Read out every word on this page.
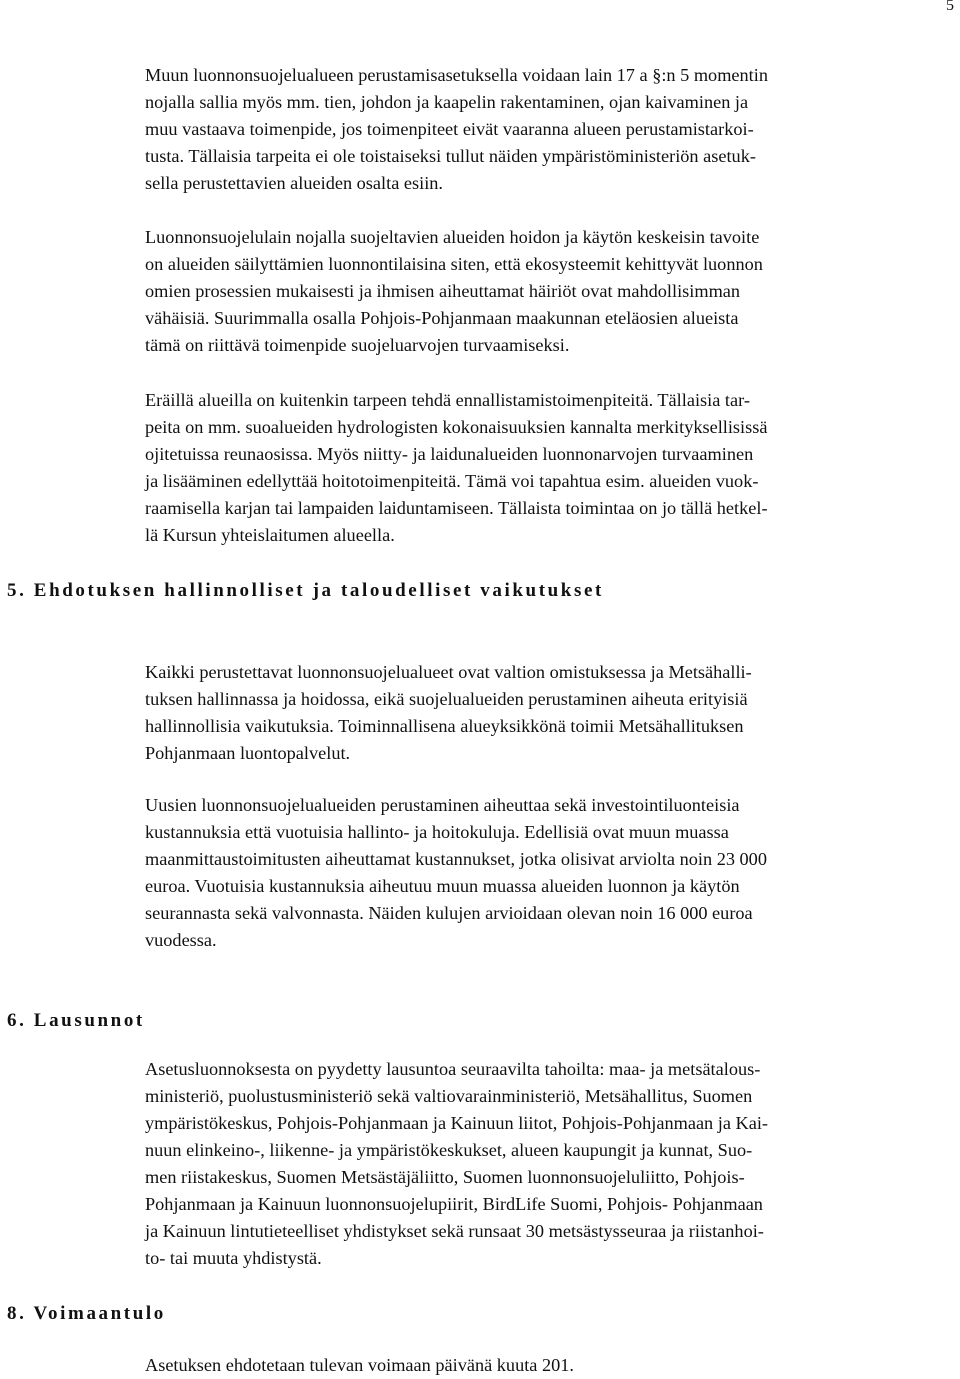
5
Muun luonnonsuojelualueen perustamisasetuksella voidaan lain 17 a §:n 5 momentin
nojalla sallia myös mm. tien, johdon ja kaapelin rakentaminen, ojan kaivaminen ja
muu vastaava toimenpide, jos toimenpiteet eivät vaaranna alueen perustamistarkoi-
tusta. Tällaisia tarpeita ei ole toistaiseksi tullut näiden ympäristöministeriön asetuk-
sella perustettavien alueiden osalta esiin.
Luonnonsuojelulain nojalla suojeltavien alueiden hoidon ja käytön keskeisin tavoite
on alueiden säilyttämien luonnontilaisina siten, että ekosysteemit kehittyvät luonnon
omien prosessien mukaisesti ja ihmisen aiheuttamat häiriöt ovat mahdollisimman
vähäisiä. Suurimmalla osalla Pohjois-Pohjanmaan maakunnan eteläosien alueista
tämä on riittävä toimenpide suojeluarvojen turvaamiseksi.
Eräillä alueilla on kuitenkin tarpeen tehdä ennallistamistoimenpiteitä. Tällaisia tar-
peita on mm. suoalueiden hydrologisten kokonaisuuksien kannalta merkityksellisissä
ojitetuissa reunaosissa. Myös niitty- ja laidunalueiden luonnonarvojen turvaaminen
ja lisääminen edellyttää hoitotoimenpiteitä. Tämä voi tapahtua esim. alueiden vuok-
raamisella karjan tai lampaiden laiduntamiseen. Tällaista toimintaa on jo tällä hetkel-
lä Kursun yhteislaitumen alueella.
5. Ehdotuksen hallinnolliset ja taloudelliset vaikutukset
Kaikki perustettavat luonnonsuojelualueet ovat valtion omistuksessa ja Metsähalli-
tuksen hallinnassa ja hoidossa, eikä suojelualueiden perustaminen aiheuta erityisiä
hallinnollisia vaikutuksia. Toiminnallisena alueyksikkönä toimii Metsähallituksen
Pohjanmaan luontopalvelut.
Uusien luonnonsuojelualueiden perustaminen aiheuttaa sekä investointiluonteisia
kustannuksia että vuotuisia hallinto- ja hoitokuluja. Edellisiä ovat muun muassa
maanmittaustoimitusten aiheuttamat kustannukset, jotka olisivat arviolta noin 23 000
euroa. Vuotuisia kustannuksia aiheutuu muun muassa alueiden luonnon ja käytön
seurannasta sekä valvonnasta. Näiden kulujen arvioidaan olevan noin 16 000 euroa
vuodessa.
6. Lausunnot
Asetusluonnoksesta on pyydetty lausuntoa seuraavilta tahoilta: maa- ja metsätalous-
ministeriö, puolustusministeriö sekä valtiovarainministeriö, Metsähallitus, Suomen
ympäristökeskus, Pohjois-Pohjanmaan ja Kainuun liitot, Pohjois-Pohjanmaan ja Kai-
nuun elinkeino-, liikenne- ja ympäristökeskukset, alueen kaupungit ja kunnat, Suo-
men riistakeskus, Suomen Metsästäjäliitto, Suomen luonnonsuojeluliitto, Pohjois-
Pohjanmaan ja Kainuun luonnonsuojelupiirit, BirdLife Suomi, Pohjois- Pohjanmaan
ja Kainuun lintutieteelliset yhdistykset sekä runsaat 30 metsästysseuraa ja riistanhoi-
to- tai muuta yhdistystä.
8. Voimaantulo
Asetuksen ehdotetaan tulevan voimaan päivänä kuuta 201.
